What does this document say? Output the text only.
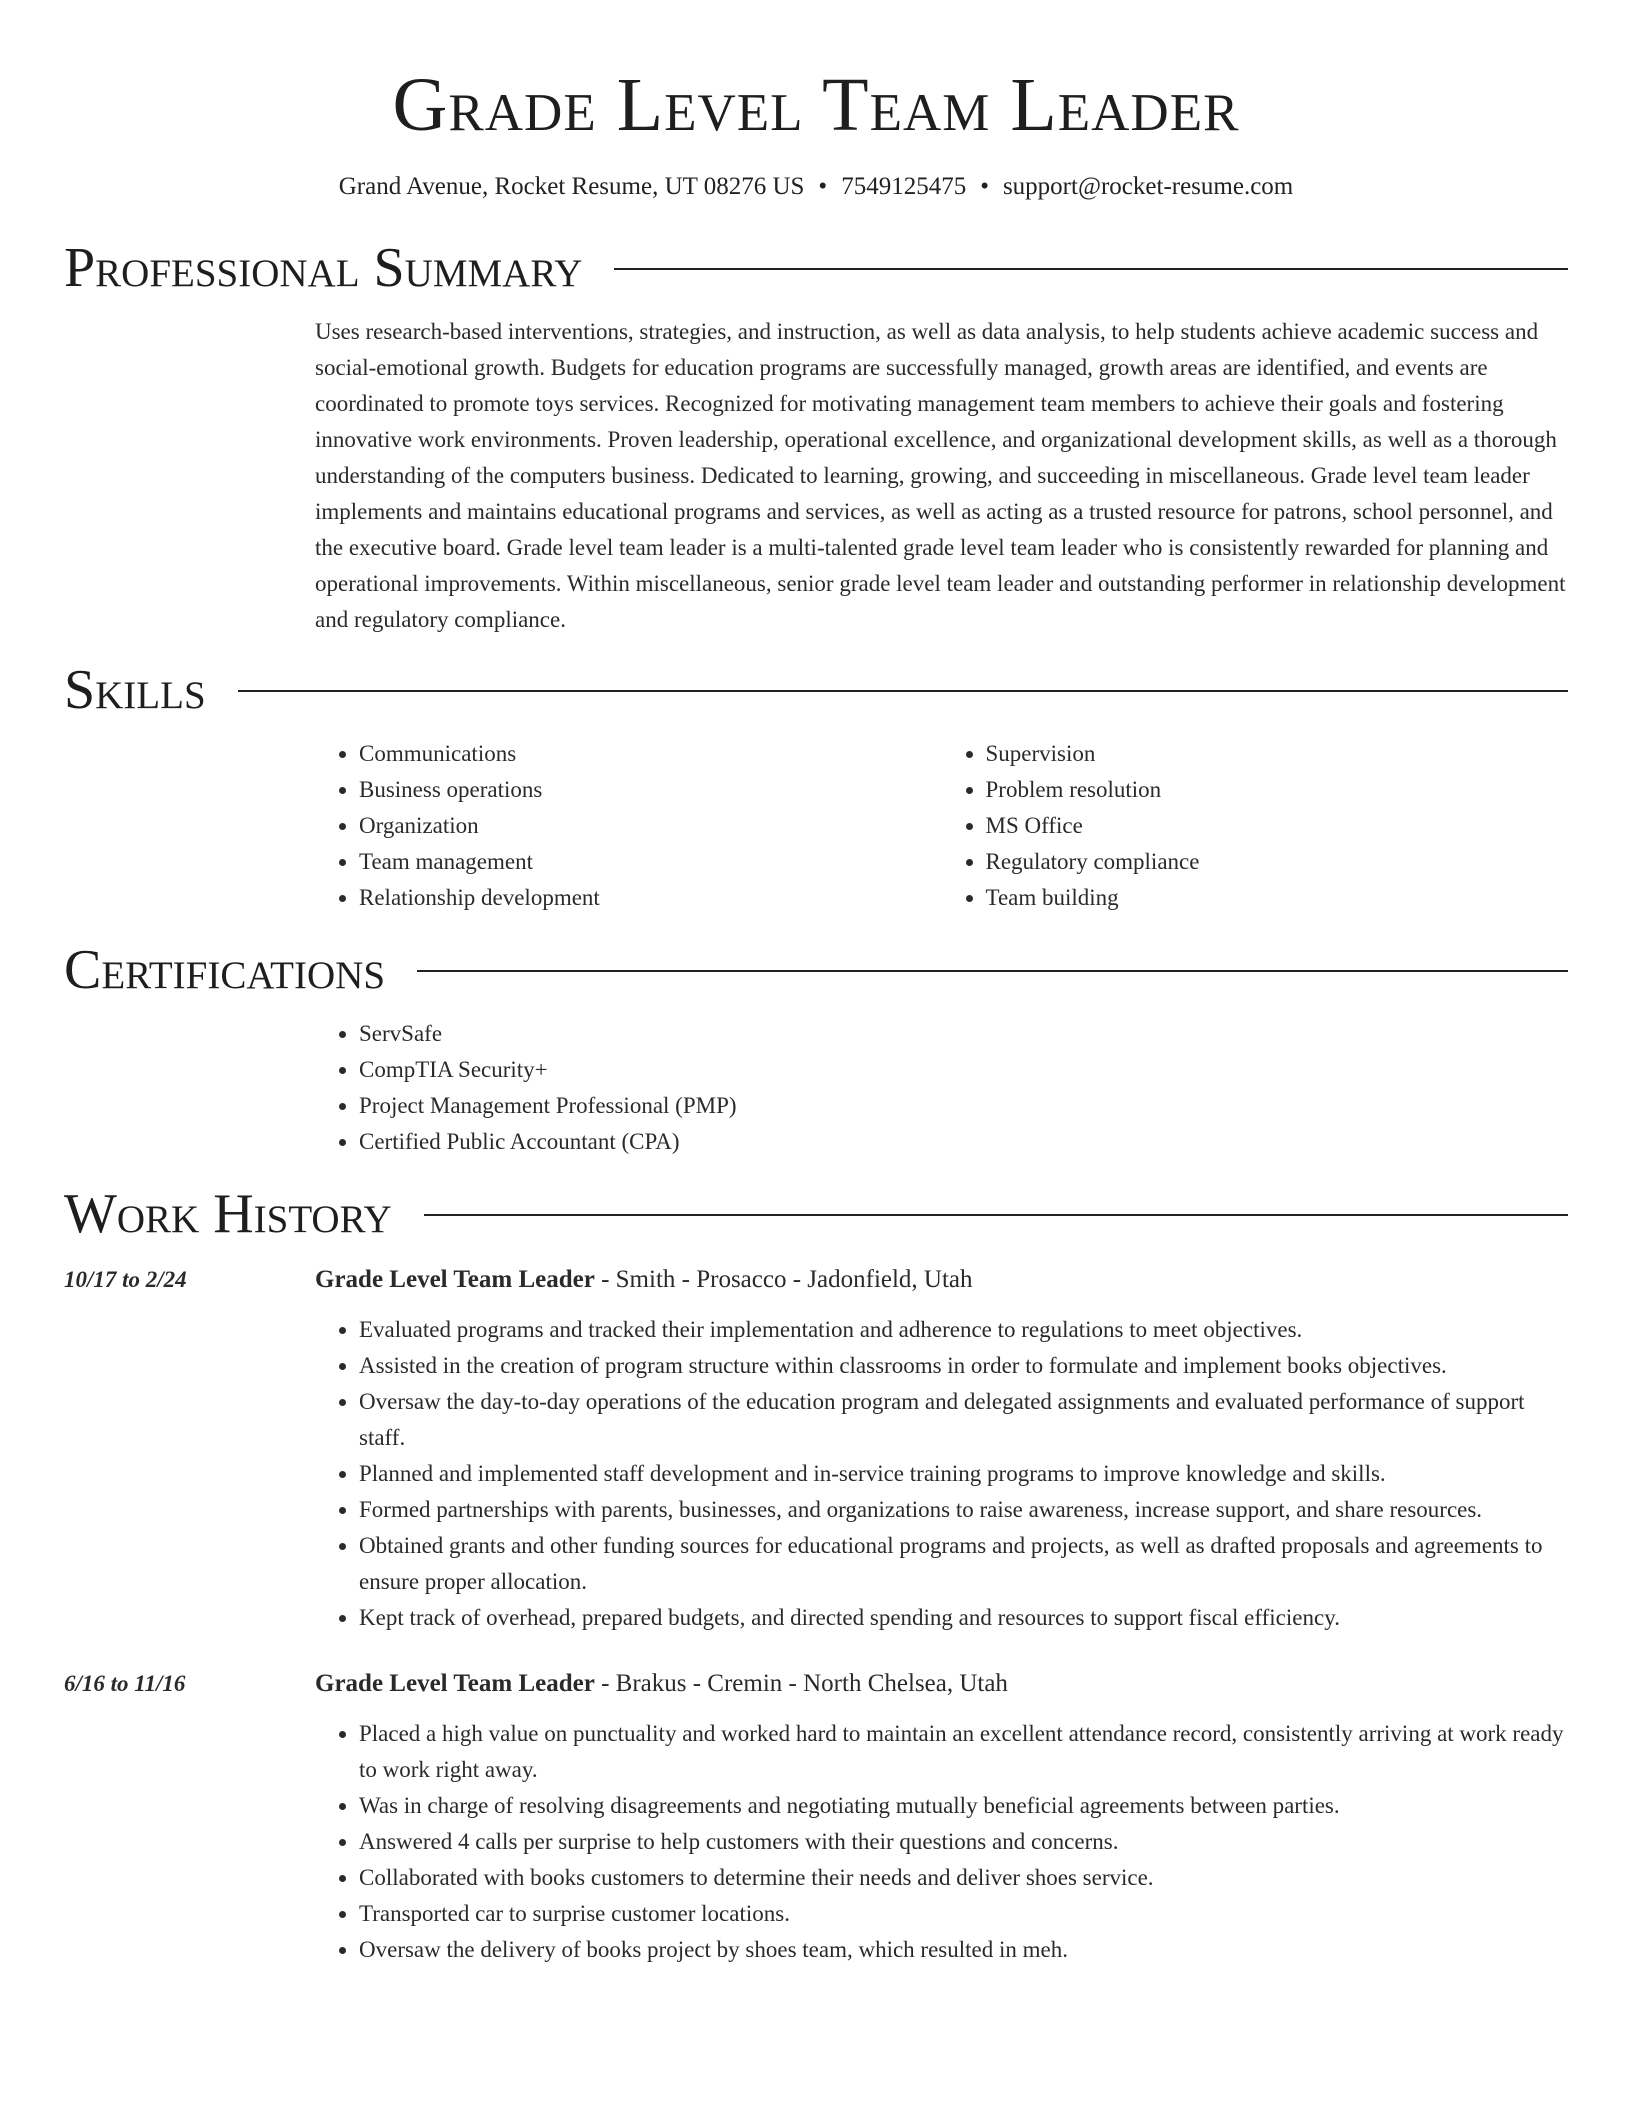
Grade Level Team Leader
Grand Avenue, Rocket Resume, UT 08276 US • 7549125475 • support@rocket-resume.com
Professional Summary

Uses research-based interventions, strategies, and instruction, as well as data analysis, to help students achieve academic success and social-emotional growth. Budgets for education programs are successfully managed, growth areas are identified, and events are coordinated to promote toys services. Recognized for motivating management team members to achieve their goals and fostering innovative work environments. Proven leadership, operational excellence, and organizational development skills, as well as a thorough understanding of the computers business. Dedicated to learning, growing, and succeeding in miscellaneous. Grade level team leader implements and maintains educational programs and services, as well as acting as a trusted resource for patrons, school personnel, and the executive board. Grade level team leader is a multi-talented grade level team leader who is consistently rewarded for planning and operational improvements. Within miscellaneous, senior grade level team leader and outstanding performer in relationship development and regulatory compliance.

Skills
• Communications
• Business operations
• Organization
• Team management
• Relationship development
• Supervision
• Problem resolution
• MS Office
• Regulatory compliance
• Team building
Certifications
• ServSafe
• CompTIA Security+
• Project Management Professional (PMP)
• Certified Public Accountant (CPA)
Work History
10/17 to 2/24	Grade Level Team Leader - Smith - Prosacco - Jadonfield, Utah
• Evaluated programs and tracked their implementation and adherence to regulations to meet objectives.
• Assisted in the creation of program structure within classrooms in order to formulate and implement books objectives.
• Oversaw the day-to-day operations of the education program and delegated assignments and evaluated performance of support staff.
• Planned and implemented staff development and in-service training programs to improve knowledge and skills.
• Formed partnerships with parents, businesses, and organizations to raise awareness, increase support, and share resources.
• Obtained grants and other funding sources for educational programs and projects, as well as drafted proposals and agreements to ensure proper allocation.
• Kept track of overhead, prepared budgets, and directed spending and resources to support fiscal efficiency.
6/16 to 11/16	Grade Level Team Leader - Brakus - Cremin - North Chelsea, Utah
• Placed a high value on punctuality and worked hard to maintain an excellent attendance record, consistently arriving at work ready to work right away.
• Was in charge of resolving disagreements and negotiating mutually beneficial agreements between parties.
• Answered 4 calls per surprise to help customers with their questions and concerns.
• Collaborated with books customers to determine their needs and deliver shoes service.
• Transported car to surprise customer locations.
• Oversaw the delivery of books project by shoes team, which resulted in meh.
